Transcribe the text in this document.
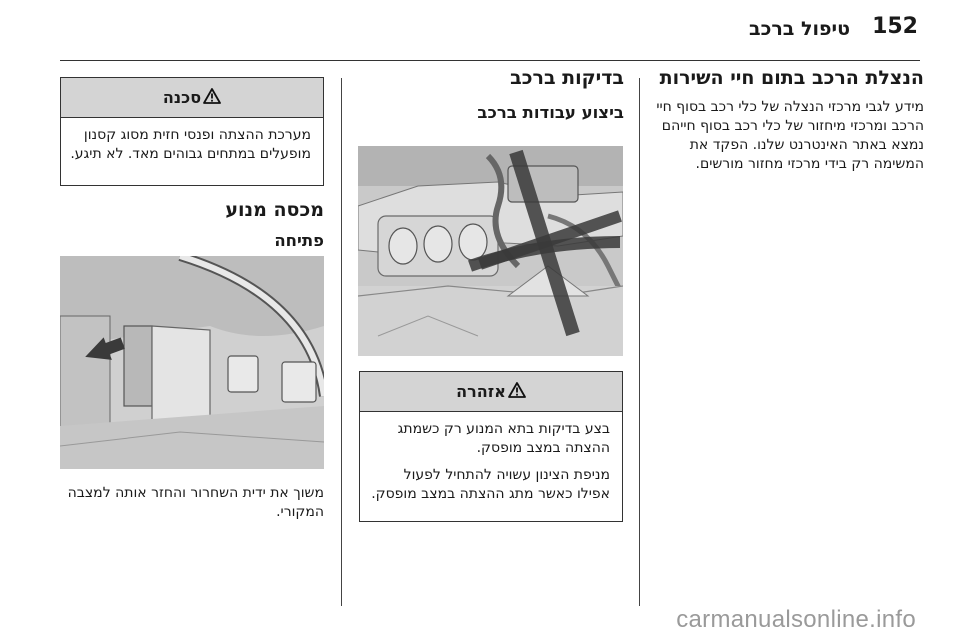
152
טיפול ברכב
הנצלת הרכב בתום חיי השירות
מידע לגבי מרכזי הנצלה של כלי רכב בסוף חיי הרכב ומרכזי מיחזור של כלי רכב בסוף חייהם נמצא באתר האינטרנט שלנו. הפקד את המשימה רק בידי מרכזי מחזור מורשים.
בדיקות ברכב
ביצוע עבודות ברכב
אזהרה

בצע בדיקות בתא המנוע רק כשמתג ההצתה במצב מופסק.

מניפת הצינון עשויה להתחיל לפעול אפילו כאשר מתג ההצתה במצב מופסק.

סכנה
מערכת ההצתה ופנסי חזית מסוג קסנון מופעלים במתחים גבוהים מאד. לא תיגע.
מכסה מנוע
פתיחה
משוך את ידית השחרור והחזר אותה למצבה המקורי.
carmanualsonline.info
